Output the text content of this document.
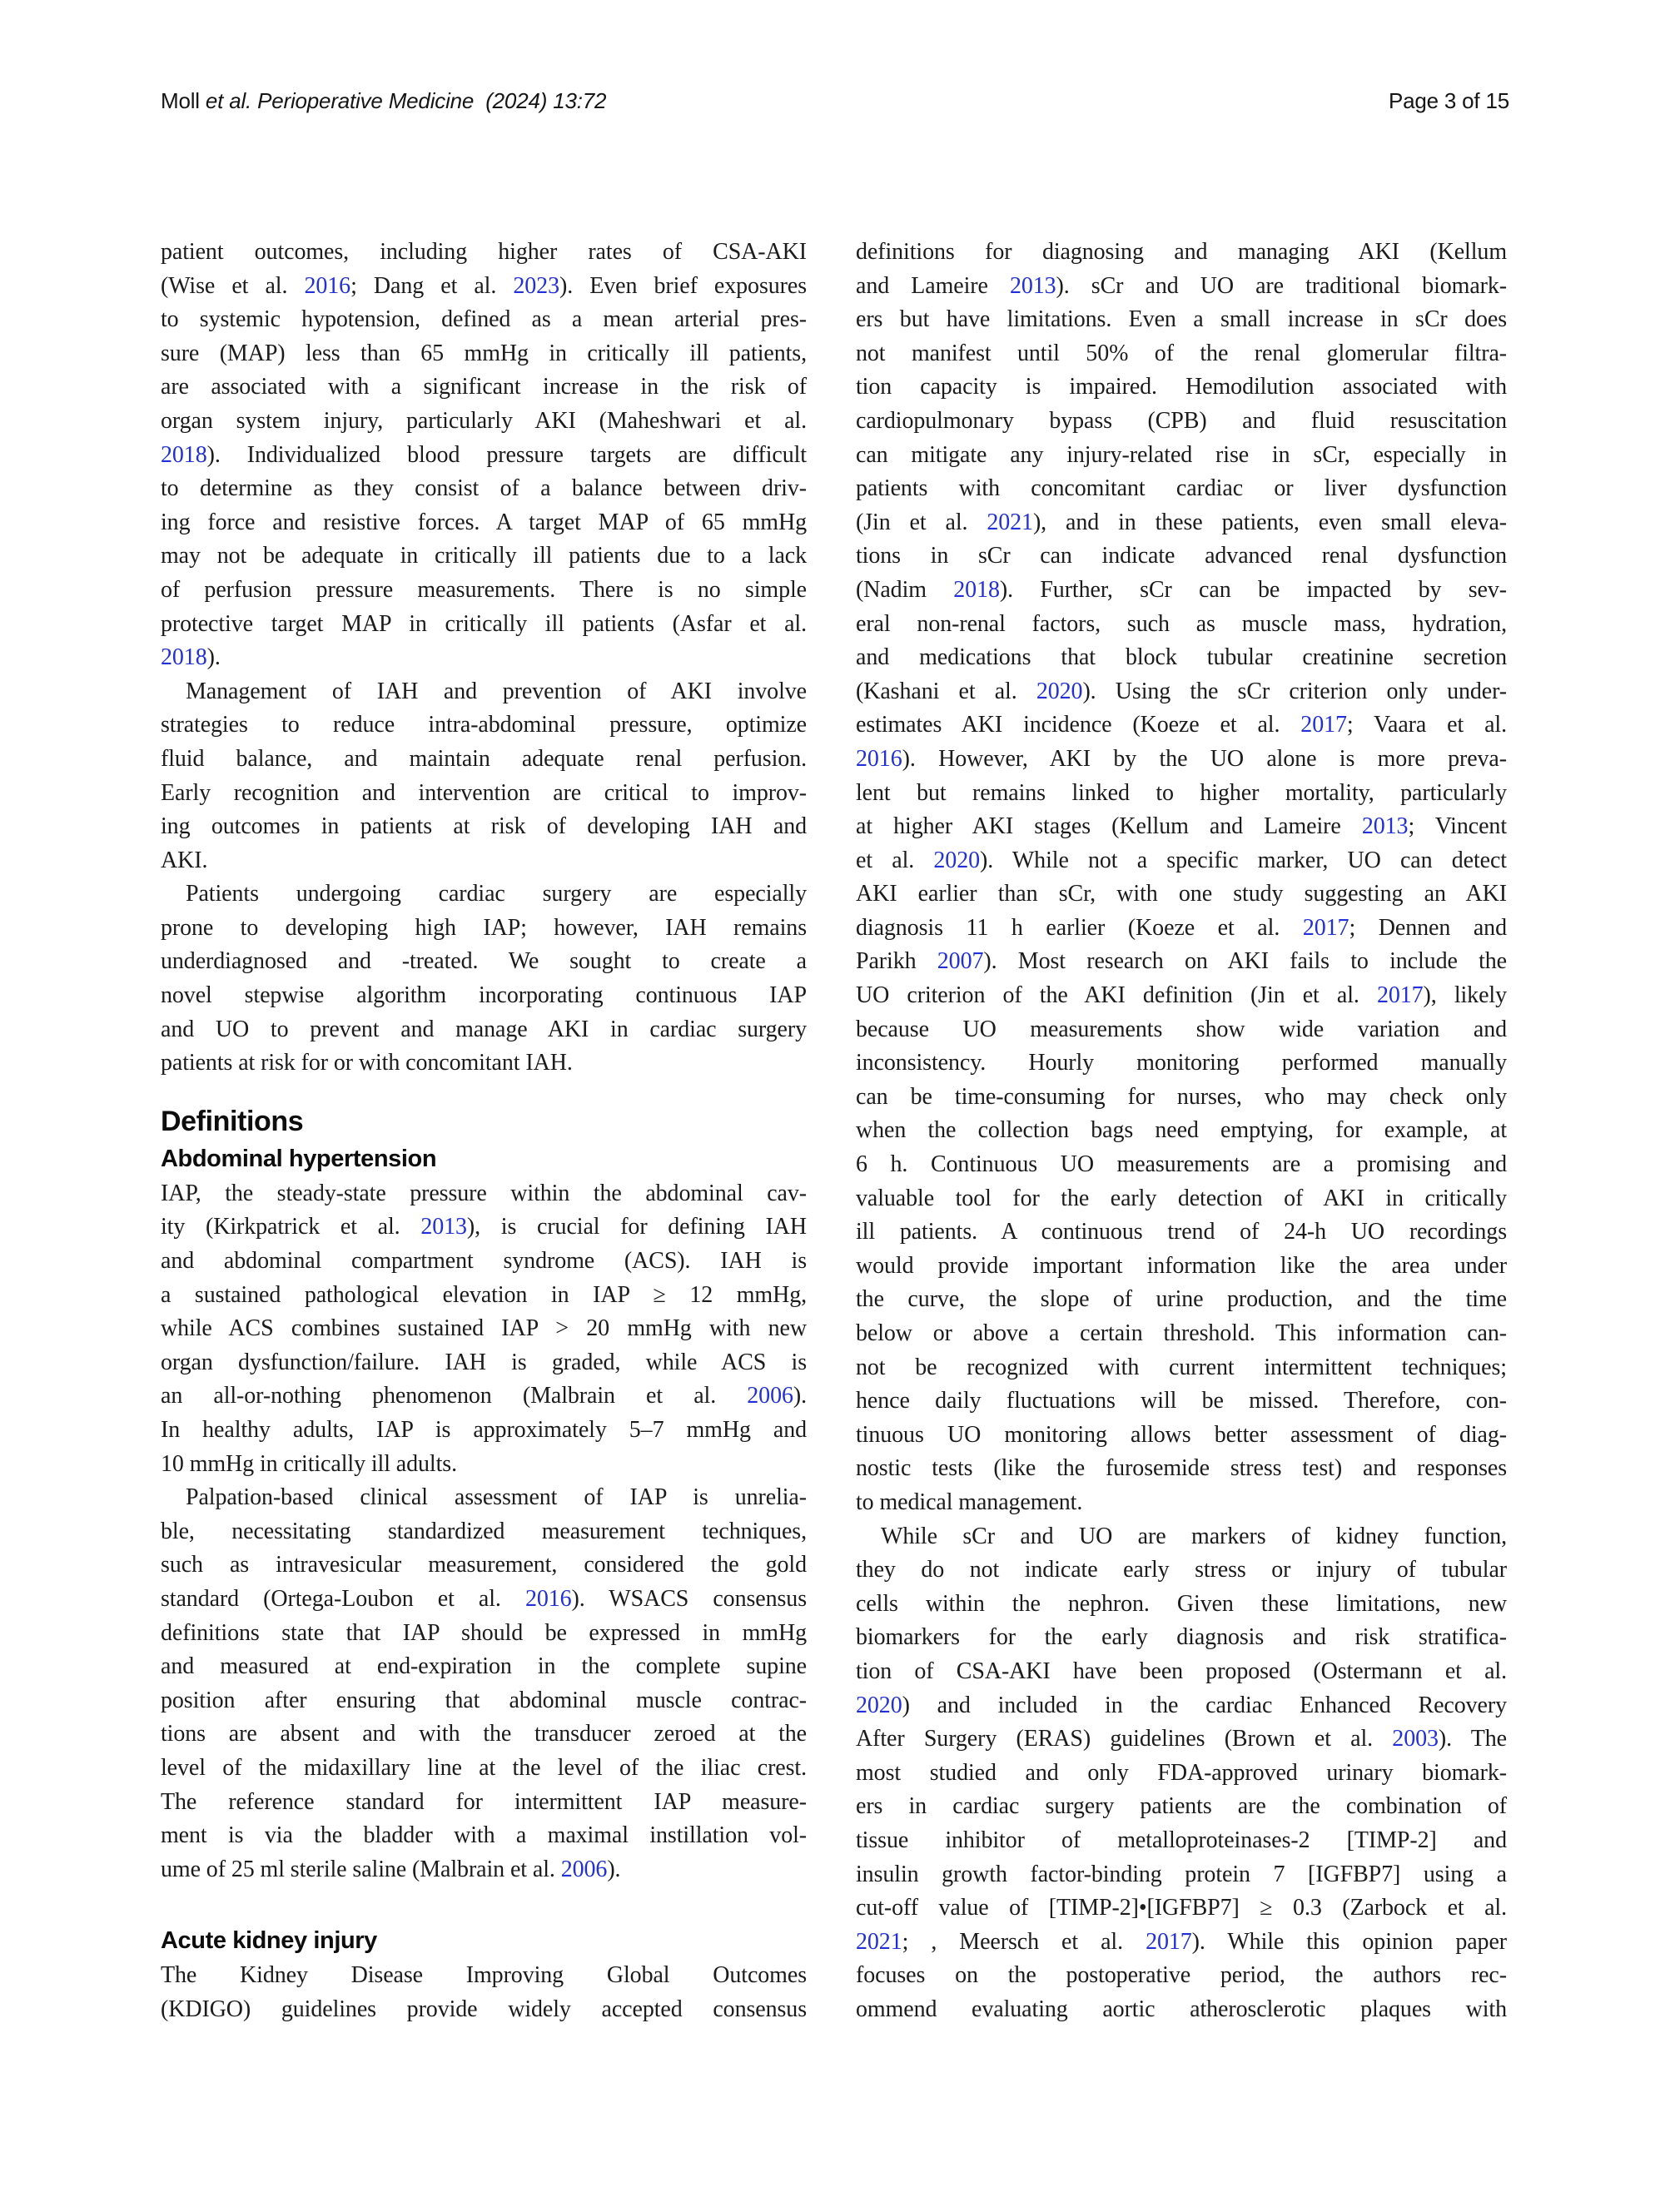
Moll et al. Perioperative Medicine  (2024) 13:72	Page 3 of 15
patient outcomes, including higher rates of CSA-AKI
(Wise et al. 2016; Dang et al. 2023). Even brief exposures
to systemic hypotension, defined as a mean arterial pres-
sure (MAP) less than 65 mmHg in critically ill patients,
are associated with a significant increase in the risk of
organ system injury, particularly AKI (Maheshwari et al.
2018). Individualized blood pressure targets are difficult
to determine as they consist of a balance between driv-
ing force and resistive forces. A target MAP of 65 mmHg
may not be adequate in critically ill patients due to a lack
of perfusion pressure measurements. There is no simple
protective target MAP in critically ill patients (Asfar et al.
2018).
Management of IAH and prevention of AKI involve
strategies to reduce intra-abdominal pressure, optimize
fluid balance, and maintain adequate renal perfusion.
Early recognition and intervention are critical to improv-
ing outcomes in patients at risk of developing IAH and
AKI.
Patients undergoing cardiac surgery are especially
prone to developing high IAP; however, IAH remains
underdiagnosed and -treated. We sought to create a
novel stepwise algorithm incorporating continuous IAP
and UO to prevent and manage AKI in cardiac surgery
patients at risk for or with concomitant IAH.
Definitions
Abdominal hypertension
IAP, the steady-state pressure within the abdominal cav-
ity (Kirkpatrick et al. 2013), is crucial for defining IAH
and abdominal compartment syndrome (ACS). IAH is
a sustained pathological elevation in IAP ≥ 12 mmHg,
while ACS combines sustained IAP > 20 mmHg with new
organ dysfunction/failure. IAH is graded, while ACS is
an all-or-nothing phenomenon (Malbrain et al. 2006).
In healthy adults, IAP is approximately 5–7 mmHg and
10 mmHg in critically ill adults.
Palpation-based clinical assessment of IAP is unrelia-
ble, necessitating standardized measurement techniques,
such as intravesicular measurement, considered the gold
standard (Ortega-Loubon et al. 2016). WSACS consensus
definitions state that IAP should be expressed in mmHg
and measured at end-expiration in the complete supine
position after ensuring that abdominal muscle contrac-
tions are absent and with the transducer zeroed at the
level of the midaxillary line at the level of the iliac crest.
The reference standard for intermittent IAP measure-
ment is via the bladder with a maximal instillation vol-
ume of 25 ml sterile saline (Malbrain et al. 2006).
Acute kidney injury
The Kidney Disease Improving Global Outcomes
(KDIGO) guidelines provide widely accepted consensus
definitions for diagnosing and managing AKI (Kellum
and Lameire 2013). sCr and UO are traditional biomark-
ers but have limitations. Even a small increase in sCr does
not manifest until 50% of the renal glomerular filtra-
tion capacity is impaired. Hemodilution associated with
cardiopulmonary bypass (CPB) and fluid resuscitation
can mitigate any injury-related rise in sCr, especially in
patients with concomitant cardiac or liver dysfunction
(Jin et al. 2021), and in these patients, even small eleva-
tions in sCr can indicate advanced renal dysfunction
(Nadim 2018). Further, sCr can be impacted by sev-
eral non-renal factors, such as muscle mass, hydration,
and medications that block tubular creatinine secretion
(Kashani et al. 2020). Using the sCr criterion only under-
estimates AKI incidence (Koeze et al. 2017; Vaara et al.
2016). However, AKI by the UO alone is more preva-
lent but remains linked to higher mortality, particularly
at higher AKI stages (Kellum and Lameire 2013; Vincent
et al. 2020). While not a specific marker, UO can detect
AKI earlier than sCr, with one study suggesting an AKI
diagnosis 11 h earlier (Koeze et al. 2017; Dennen and
Parikh 2007). Most research on AKI fails to include the
UO criterion of the AKI definition (Jin et al. 2017), likely
because UO measurements show wide variation and
inconsistency. Hourly monitoring performed manually
can be time-consuming for nurses, who may check only
when the collection bags need emptying, for example, at
6 h. Continuous UO measurements are a promising and
valuable tool for the early detection of AKI in critically
ill patients. A continuous trend of 24-h UO recordings
would provide important information like the area under
the curve, the slope of urine production, and the time
below or above a certain threshold. This information can-
not be recognized with current intermittent techniques;
hence daily fluctuations will be missed. Therefore, con-
tinuous UO monitoring allows better assessment of diag-
nostic tests (like the furosemide stress test) and responses
to medical management.
While sCr and UO are markers of kidney function,
they do not indicate early stress or injury of tubular
cells within the nephron. Given these limitations, new
biomarkers for the early diagnosis and risk stratifica-
tion of CSA-AKI have been proposed (Ostermann et al.
2020) and included in the cardiac Enhanced Recovery
After Surgery (ERAS) guidelines (Brown et al. 2003). The
most studied and only FDA-approved urinary biomark-
ers in cardiac surgery patients are the combination of
tissue inhibitor of metalloproteinases-2 [TIMP-2] and
insulin growth factor-binding protein 7 [IGFBP7] using a
cut-off value of [TIMP-2]•[IGFBP7] ≥ 0.3 (Zarbock et al.
2021; , Meersch et al. 2017). While this opinion paper
focuses on the postoperative period, the authors rec-
ommend evaluating aortic atherosclerotic plaques with
